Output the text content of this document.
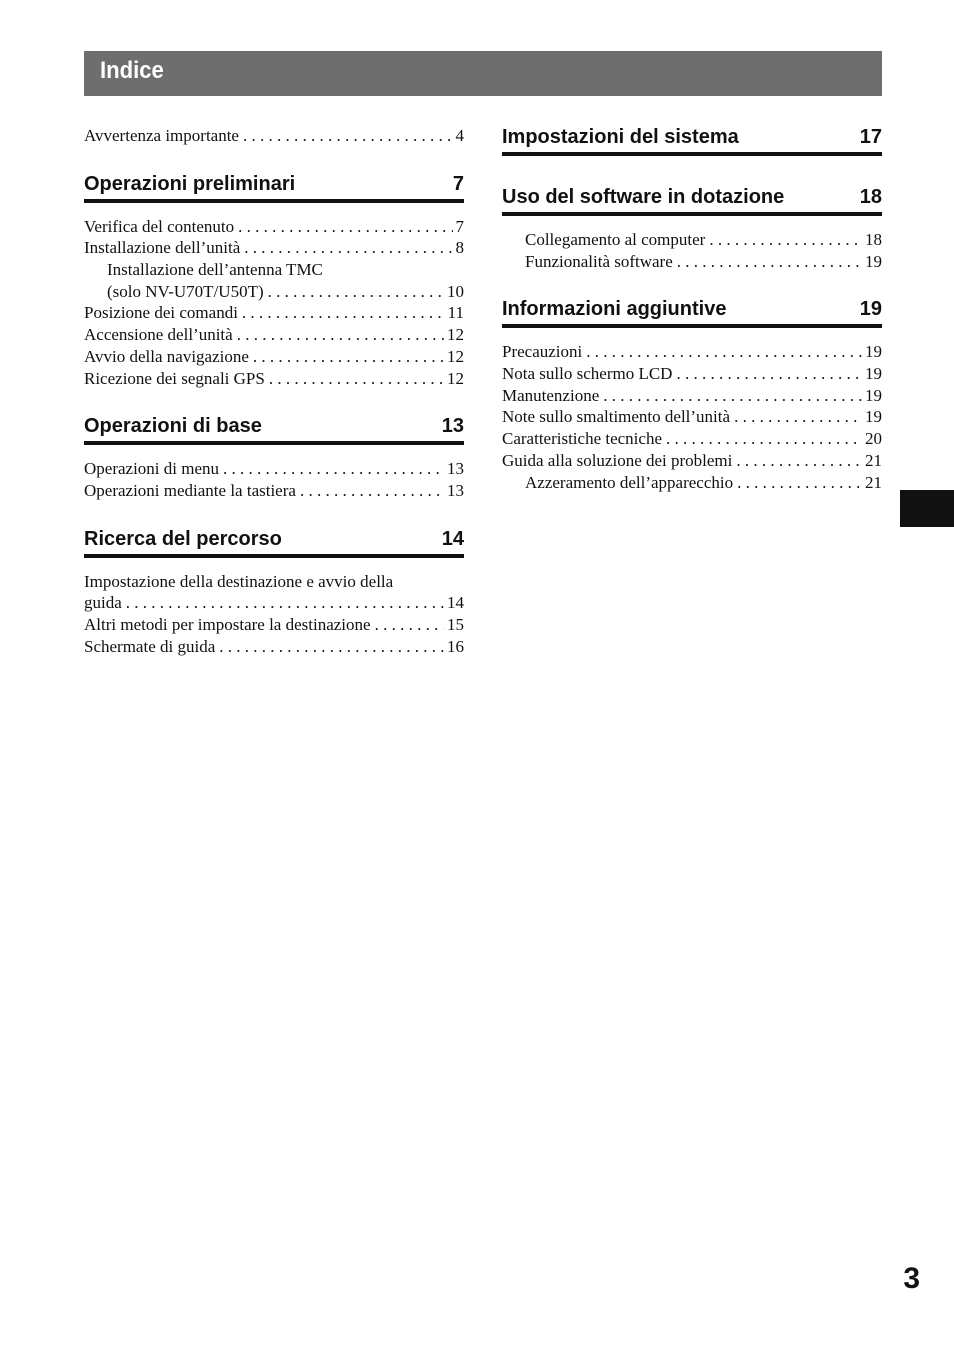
Indice
Avvertenza importante . . .	4
Operazioni preliminari	7
Verifica del contenuto . . .	7
Installazione dell’unità . . .	8
Installazione dell’antenna TMC
(solo NV-U70T/U50T) . . .	10
Posizione dei comandi . . .	11
Accensione dell’unità . . .	12
Avvio della navigazione . . .	12
Ricezione dei segnali GPS . . .	12
Operazioni di base	13
Operazioni di menu . . .	13
Operazioni mediante la tastiera . . .	13
Ricerca del percorso	14
Impostazione della destinazione e avvio della
guida . . .	14
Altri metodi per impostare la destinazione . . .	15
Schermate di guida . . .	16
Impostazioni del sistema	17
Uso del software in dotazione	18
Collegamento al computer . . .	18
Funzionalità software . . .	19
Informazioni aggiuntive	19
Precauzioni . . .	19
Nota sullo schermo LCD . . .	19
Manutenzione . . .	19
Note sullo smaltimento dell’unità . . .	19
Caratteristiche tecniche . . .	20
Guida alla soluzione dei problemi . . .	21
Azzeramento dell’apparecchio . . .	21
3
